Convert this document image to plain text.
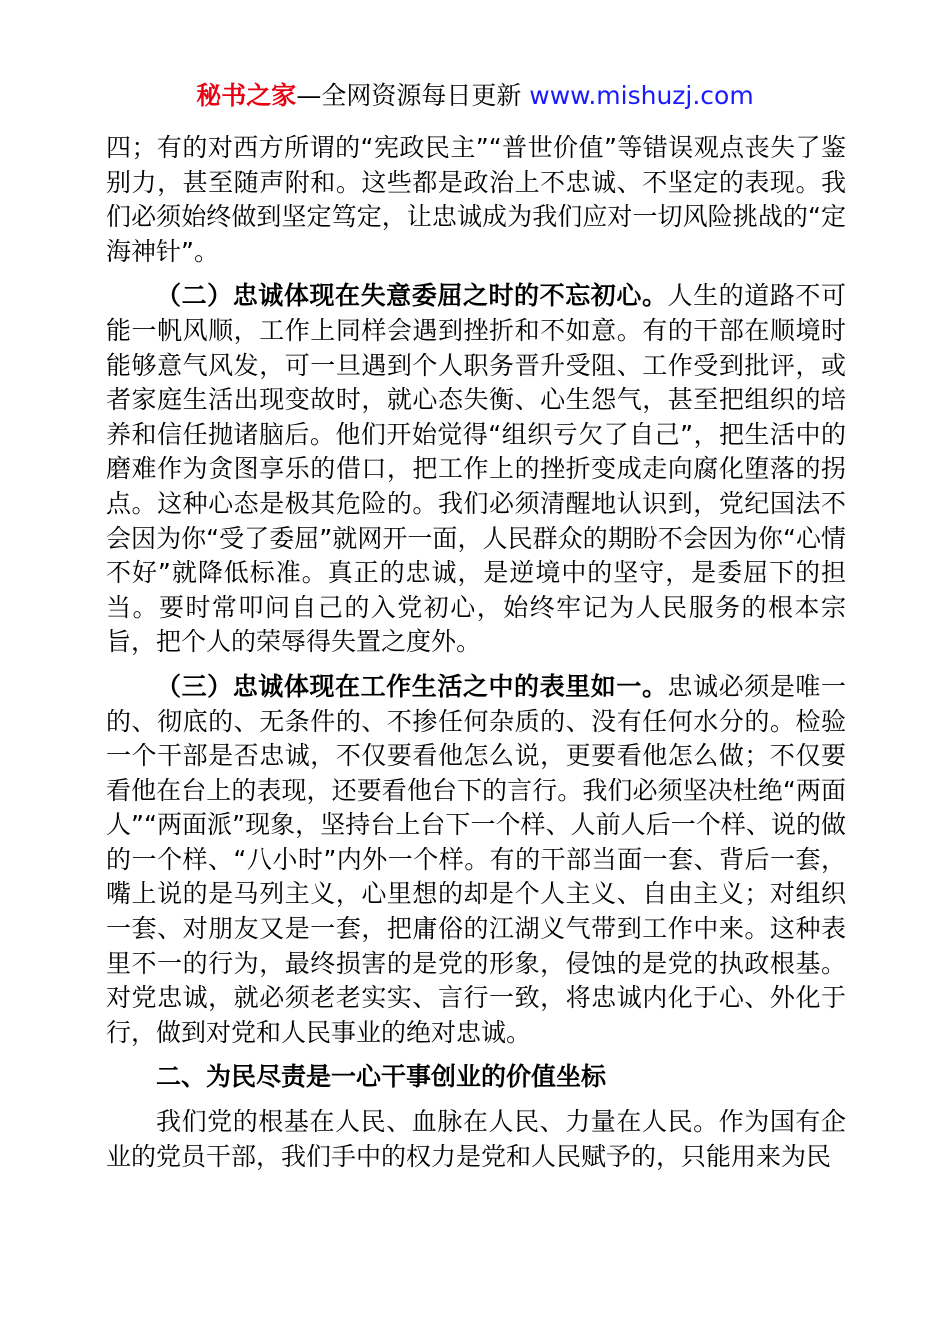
秘书之家—全网资源每日更新 www.mishuzj.com

四；有的对西方所谓的“宪政民主”“普世价值”等错误观点丧失了鉴别力，甚至随声附和。这些都是政治上不忠诚、不坚定的表现。我们必须始终做到坚定笃定，让忠诚成为我们应对一切风险挑战的“定海神针”。

（二）忠诚体现在失意委屈之时的不忘初心。人生的道路不可能一帆风顺，工作上同样会遇到挫折和不如意。有的干部在顺境时能够意气风发，可一旦遇到个人职务晋升受阻、工作受到批评，或者家庭生活出现变故时，就心态失衡、心生怨气，甚至把组织的培养和信任抛诸脑后。他们开始觉得“组织亏欠了自己”，把生活中的磨难作为贪图享乐的借口，把工作上的挫折变成走向腐化堕落的拐点。这种心态是极其危险的。我们必须清醒地认识到，党纪国法不会因为你“受了委屈”就网开一面，人民群众的期盼不会因为你“心情不好”就降低标准。真正的忠诚，是逆境中的坚守，是委屈下的担当。要时常叩问自己的入党初心，始终牢记为人民服务的根本宗旨，把个人的荣辱得失置之度外。

（三）忠诚体现在工作生活之中的表里如一。忠诚必须是唯一的、彻底的、无条件的、不掺任何杂质的、没有任何水分的。检验一个干部是否忠诚，不仅要看他怎么说，更要看他怎么做；不仅要看他在台上的表现，还要看他台下的言行。我们必须坚决杜绝“两面人”“两面派”现象，坚持台上台下一个样、人前人后一个样、说的做的一个样、“八小时”内外一个样。有的干部当面一套、背后一套，嘴上说的是马列主义，心里想的却是个人主义、自由主义；对组织一套、对朋友又是一套，把庸俗的江湖义气带到工作中来。这种表里不一的行为，最终损害的是党的形象，侵蚀的是党的执政根基。对党忠诚，就必须老老实实、言行一致，将忠诚内化于心、外化于行，做到对党和人民事业的绝对忠诚。

二、为民尽责是一心干事创业的价值坐标

我们党的根基在人民、血脉在人民、力量在人民。作为国有企业的党员干部，我们手中的权力是党和人民赋予的，只能用来为民
